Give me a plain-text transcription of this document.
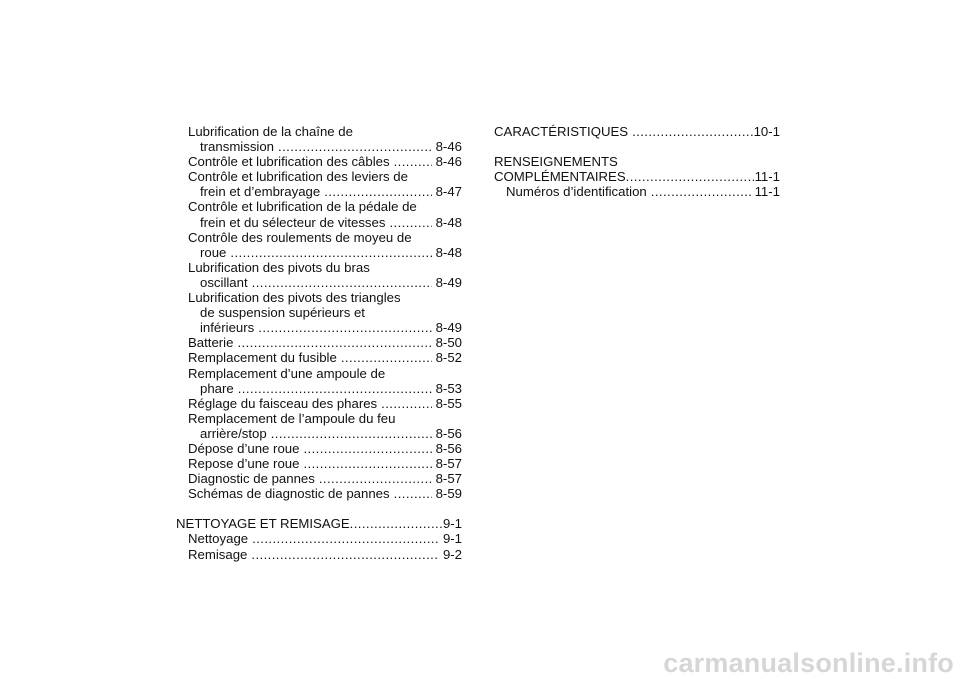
Lubrification de la chaîne de
transmission .....	8-46
Contrôle et lubrification des câbles .....	8-46
Contrôle et lubrification des leviers de
frein et d’embrayage .....	8-47
Contrôle et lubrification de la pédale de
frein et du sélecteur de vitesses .....	8-48
Contrôle des roulements de moyeu de
roue .....	8-48
Lubrification des pivots du bras
oscillant .....	8-49
Lubrification des pivots des triangles
de suspension supérieurs et
inférieurs .....	8-49
Batterie .....	8-50
Remplacement du fusible .....	8-52
Remplacement d’une ampoule de
phare .....	8-53
Réglage du faisceau des phares .....	8-55
Remplacement de l’ampoule du feu
arrière/stop .....	8-56
Dépose d’une roue .....	8-56
Repose d’une roue .....	8-57
Diagnostic de pannes .....	8-57
Schémas de diagnostic de pannes .....	8-59
NETTOYAGE ET REMISAGE .....	9-1
Nettoyage .....	9-1
Remisage .....	9-2
CARACTÉRISTIQUES .....	10-1
RENSEIGNEMENTS
COMPLÉMENTAIRES .....	11-1
Numéros d’identification .....	11-1
carmanualsonline.info
